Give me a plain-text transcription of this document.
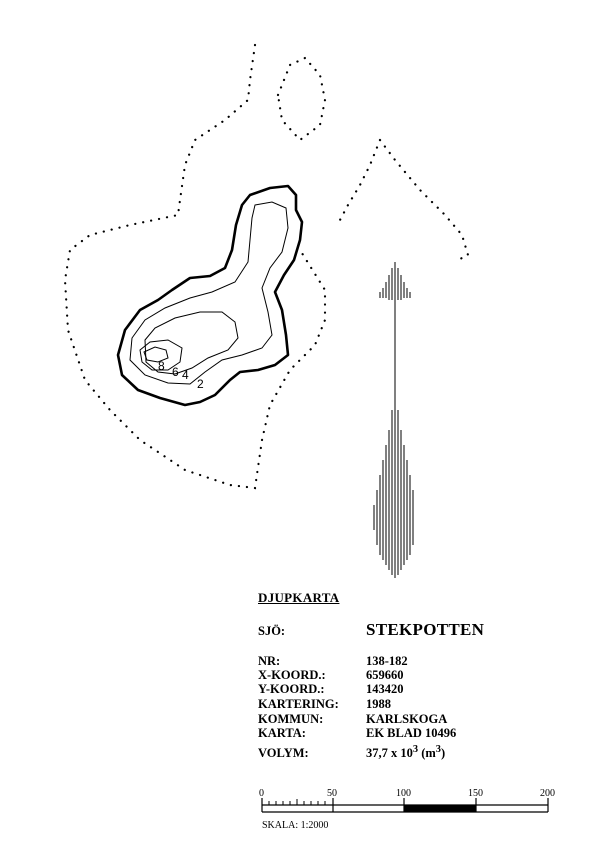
8 6 4
2
0	50	100	150	200
DJUPKARTA
SJÖ:	STEKPOTTEN
NR:	138-182
X-KOORD.:	659660
Y-KOORD.:	143420
KARTERING: 1988
KOMMUN:	KARLSKOGA
KARTA:	EK BLAD 10496
VOLYM:	37,7 x $10^3$ $(m^3)$
SKALA: 1:2000
